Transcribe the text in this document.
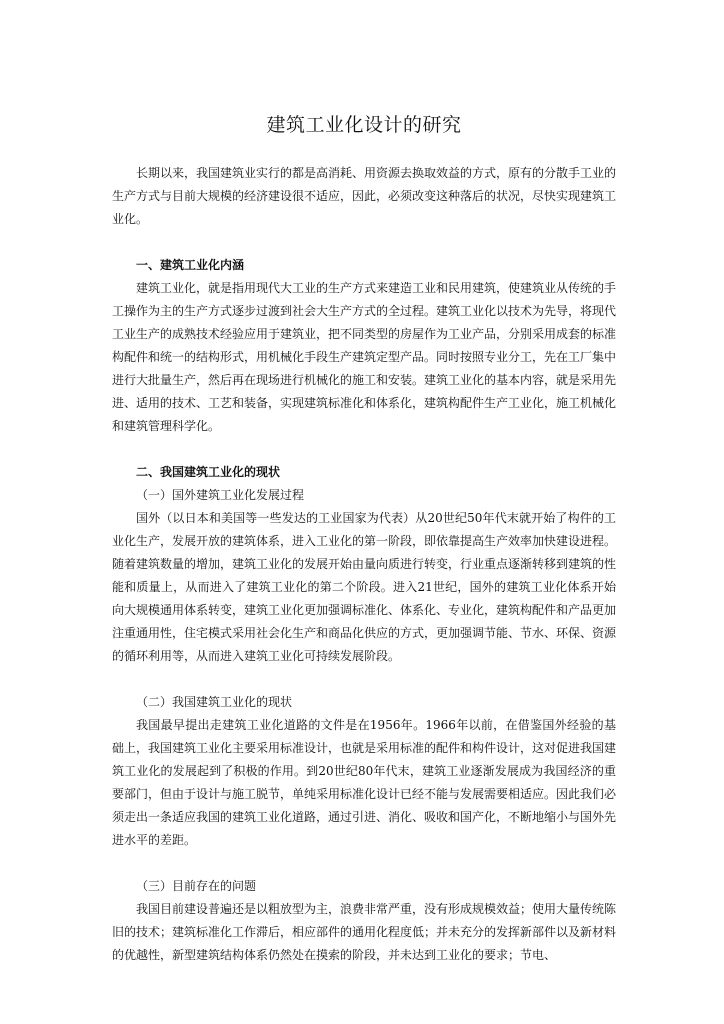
建筑工业化设计的研究

长期以来，我国建筑业实行的都是高消耗、用资源去换取效益的方式，原有的分散手工业的生产方式与目前大规模的经济建设很不适应，因此，必须改变这种落后的状况，尽快实现建筑工业化。

一、建筑工业化内涵

建筑工业化，就是指用现代大工业的生产方式来建造工业和民用建筑，使建筑业从传统的手工操作为主的生产方式逐步过渡到社会大生产方式的全过程。建筑工业化以技术为先导，将现代工业生产的成熟技术经验应用于建筑业，把不同类型的房屋作为工业产品，分别采用成套的标准构配件和统一的结构形式，用机械化手段生产建筑定型产品。同时按照专业分工，先在工厂集中进行大批量生产，然后再在现场进行机械化的施工和安装。建筑工业化的基本内容，就是采用先进、适用的技术、工艺和装备，实现建筑标准化和体系化，建筑构配件生产工业化，施工机械化和建筑管理科学化。

二、我国建筑工业化的现状

（一）国外建筑工业化发展过程

国外（以日本和美国等一些发达的工业国家为代表）从20世纪50年代末就开始了构件的工业化生产，发展开放的建筑体系，进入工业化的第一阶段，即依靠提高生产效率加快建设进程。随着建筑数量的增加，建筑工业化的发展开始由量向质进行转变，行业重点逐渐转移到建筑的性能和质量上，从而进入了建筑工业化的第二个阶段。进入21世纪，国外的建筑工业化体系开始向大规模通用体系转变，建筑工业化更加强调标准化、体系化、专业化，建筑构配件和产品更加注重通用性，住宅模式采用社会化生产和商品化供应的方式，更加强调节能、节水、环保、资源的循环利用等，从而进入建筑工业化可持续发展阶段。

（二）我国建筑工业化的现状

我国最早提出走建筑工业化道路的文件是在1956年。1966年以前，在借鉴国外经验的基础上，我国建筑工业化主要采用标准设计，也就是采用标准的配件和构件设计，这对促进我国建筑工业化的发展起到了积极的作用。到20世纪80年代末，建筑工业逐渐发展成为我国经济的重要部门，但由于设计与施工脱节，单纯采用标准化设计已经不能与发展需要相适应。因此我们必须走出一条适应我国的建筑工业化道路，通过引进、消化、吸收和国产化，不断地缩小与国外先进水平的差距。

（三）目前存在的问题

我国目前建设普遍还是以粗放型为主，浪费非常严重，没有形成规模效益；使用大量传统陈旧的技术；建筑标准化工作滞后，相应部件的通用化程度低；并未充分的发挥新部件以及新材料的优越性，新型建筑结构体系仍然处在摸索的阶段，并未达到工业化的要求；节电、
